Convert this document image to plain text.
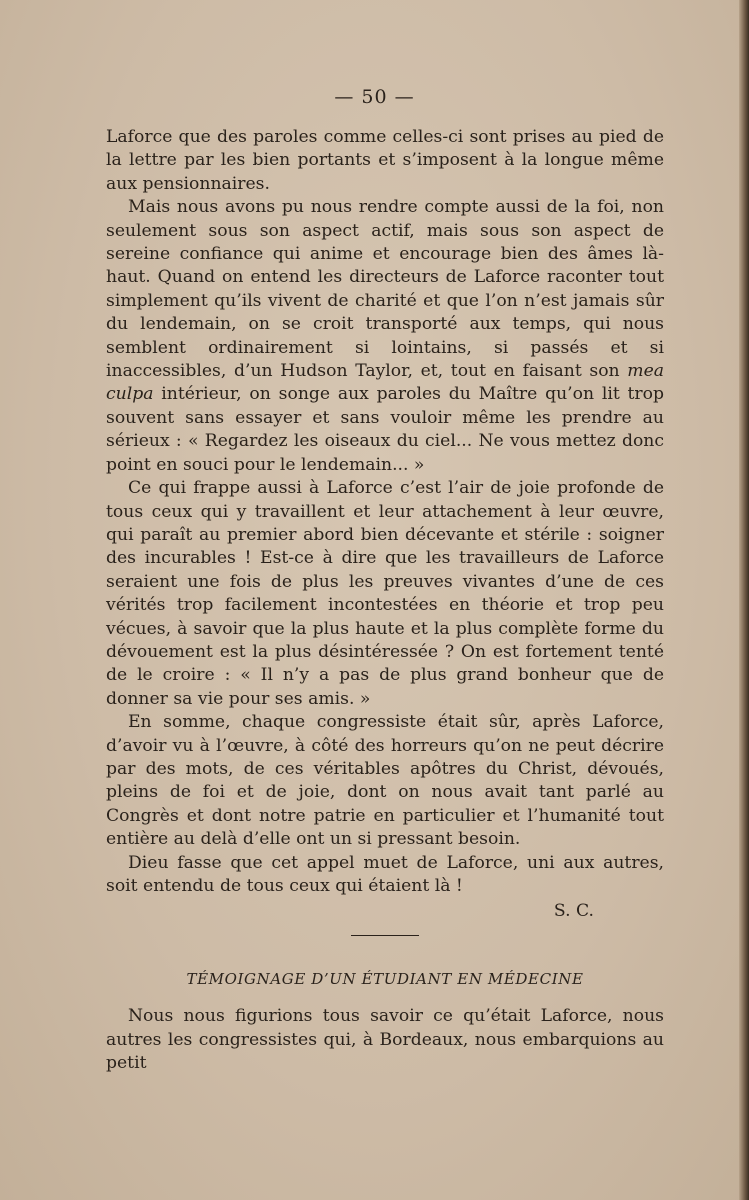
— 50 —

Laforce que des paroles comme celles-ci sont prises au pied de la lettre par les bien portants et s’imposent à la longue même aux pensionnaires.

Mais nous avons pu nous rendre compte aussi de la foi, non seulement sous son aspect actif, mais sous son aspect de sereine confiance qui anime et encourage bien des âmes là-haut. Quand on entend les directeurs de Laforce raconter tout simplement qu’ils vivent de charité et que l’on n’est jamais sûr du lendemain, on se croit transporté aux temps, qui nous semblent ordinairement si lointains, si passés et si inaccessibles, d’un Hudson Taylor, et, tout en faisant son mea culpa intérieur, on songe aux paroles du Maître qu’on lit trop souvent sans essayer et sans vouloir même les prendre au sérieux : « Regardez les oiseaux du ciel... Ne vous mettez donc point en souci pour le lendemain... »

Ce qui frappe aussi à Laforce c’est l’air de joie profonde de tous ceux qui y travaillent et leur attachement à leur œuvre, qui paraît au premier abord bien décevante et stérile : soigner des incurables ! Est-ce à dire que les travailleurs de Laforce seraient une fois de plus les preuves vivantes d’une de ces vérités trop facilement incontestées en théorie et trop peu vécues, à savoir que la plus haute et la plus complète forme du dévouement est la plus désintéressée ? On est fortement tenté de le croire : « Il n’y a pas de plus grand bonheur que de donner sa vie pour ses amis. »

En somme, chaque congressiste était sûr, après Laforce, d’avoir vu à l’œuvre, à côté des horreurs qu’on ne peut décrire par des mots, de ces véritables apôtres du Christ, dévoués, pleins de foi et de joie, dont on nous avait tant parlé au Congrès et dont notre patrie en particulier et l’humanité tout entière au delà d’elle ont un si pressant besoin.

Dieu fasse que cet appel muet de Laforce, uni aux autres, soit entendu de tous ceux qui étaient là !

S. C.
TÉMOIGNAGE D’UN ÉTUDIANT EN MÉDECINE

Nous nous figurions tous savoir ce qu’était Laforce, nous autres les congressistes qui, à Bordeaux, nous embarquions au petit
